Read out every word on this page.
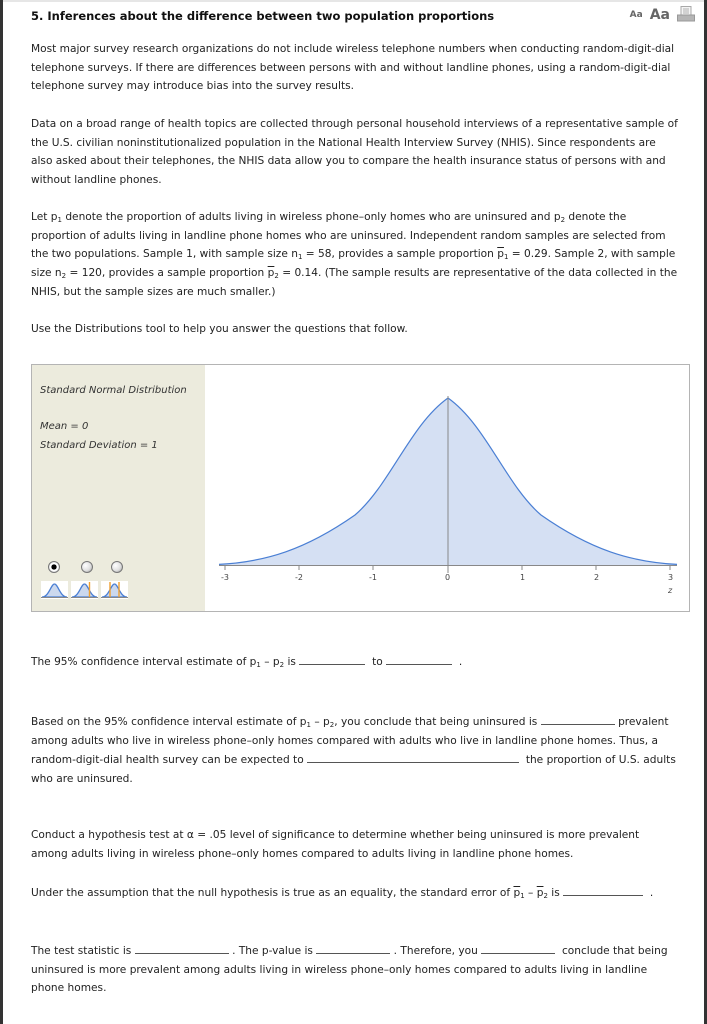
5. Inferences about the difference between two population proportions	Aa Aa
Most major survey research organizations do not include wireless telephone numbers when conducting random-digit-dial telephone surveys. If there are differences between persons with and without landline phones, using a random-digit-dial telephone survey may introduce bias into the survey results.
Data on a broad range of health topics are collected through personal household interviews of a representative sample of the U.S. civilian noninstitutionalized population in the National Health Interview Survey (NHIS). Since respondents are also asked about their telephones, the NHIS data allow you to compare the health insurance status of persons with and without landline phones.
Let $p_1$ denote the proportion of adults living in wireless phone–only homes who are uninsured and $p_2$ denote the proportion of adults living in landline phone homes who are uninsured. Independent random samples are selected from the two populations. Sample 1, with sample size $n_1 = 58$, provides a sample proportion $\overline{p}_1 = 0.29$. Sample 2, with sample size $n_2 = 120$, provides a sample proportion $\overline{p}_2 = 0.14$. (The sample results are representative of the data collected in the NHIS, but the sample sizes are much smaller.)
Use the Distributions tool to help you answer the questions that follow.
Standard Normal Distribution
Mean = 0
Standard Deviation = 1
-3	-2	-1	0	1	2	3
z
The 95% confidence interval estimate of $p_1 - p_2$ is	to	.
Based on the 95% confidence interval estimate of $p_1 - p_2$, you conclude that being uninsured is	prevalent among adults who live in wireless phone–only homes compared with adults who live in landline phone homes. Thus, a random-digit-dial health survey can be expected to	the proportion of U.S. adults who are uninsured.
Conduct a hypothesis test at α = .05 level of significance to determine whether being uninsured is more prevalent among adults living in wireless phone–only homes compared to adults living in landline phone homes.
Under the assumption that the null hypothesis is true as an equality, the standard error of $\overline{p}_1 - \overline{p}_2$ is	.
The test statistic is	. The p-value is	. Therefore, you	conclude that being uninsured is more prevalent among adults living in wireless phone–only homes compared to adults living in landline phone homes.
